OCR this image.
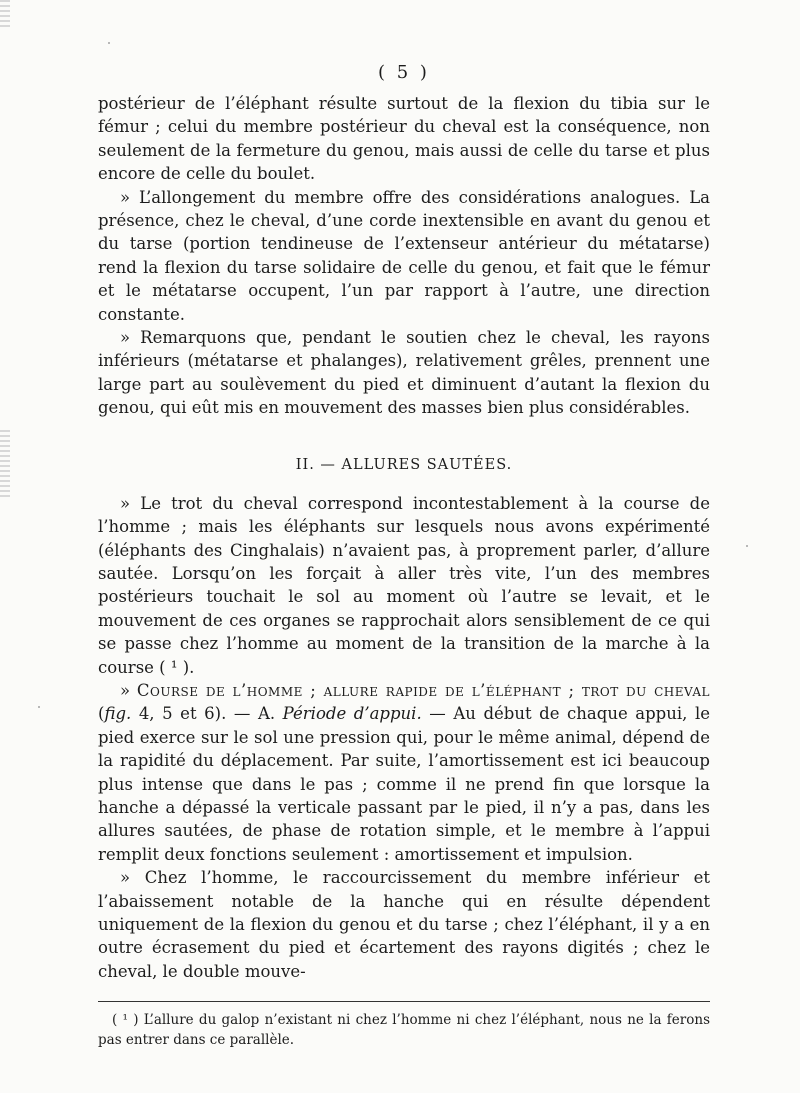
( 5 )

postérieur de l’éléphant résulte surtout de la flexion du tibia sur le fémur ; celui du membre postérieur du cheval est la conséquence, non seulement de la fermeture du genou, mais aussi de celle du tarse et plus encore de celle du boulet.

» L’allongement du membre offre des considérations analogues. La présence, chez le cheval, d’une corde inextensible en avant du genou et du tarse (portion tendineuse de l’extenseur antérieur du métatarse) rend la flexion du tarse solidaire de celle du genou, et fait que le fémur et le métatarse occupent, l’un par rapport à l’autre, une direction constante.

» Remarquons que, pendant le soutien chez le cheval, les rayons inférieurs (métatarse et phalanges), relativement grêles, prennent une large part au soulèvement du pied et diminuent d’autant la flexion du genou, qui eût mis en mouvement des masses bien plus considérables.

II. — ALLURES SAUTÉES.

» Le trot du cheval correspond incontestablement à la course de l’homme ; mais les éléphants sur lesquels nous avons expérimenté (éléphants des Cinghalais) n’avaient pas, à proprement parler, d’allure sautée. Lorsqu’on les forçait à aller très vite, l’un des membres postérieurs touchait le sol au moment où l’autre se levait, et le mouvement de ces organes se rapprochait alors sensiblement de ce qui se passe chez l’homme au moment de la transition de la marche à la course ( ¹ ).

» Course de l’homme ; allure rapide de l’éléphant ; trot du cheval (fig. 4, 5 et 6). — A. Période d’appui. — Au début de chaque appui, le pied exerce sur le sol une pression qui, pour le même animal, dépend de la rapidité du déplacement. Par suite, l’amortissement est ici beaucoup plus intense que dans le pas ; comme il ne prend fin que lorsque la hanche a dépassé la verticale passant par le pied, il n’y a pas, dans les allures sautées, de phase de rotation simple, et le membre à l’appui remplit deux fonctions seulement : amortissement et impulsion.

» Chez l’homme, le raccourcissement du membre inférieur et l’abaissement notable de la hanche qui en résulte dépendent uniquement de la flexion du genou et du tarse ; chez l’éléphant, il y a en outre écrasement du pied et écartement des rayons digités ; chez le cheval, le double mouve-

( ¹ ) L’allure du galop n’existant ni chez l’homme ni chez l’éléphant, nous ne la ferons pas entrer dans ce parallèle.
